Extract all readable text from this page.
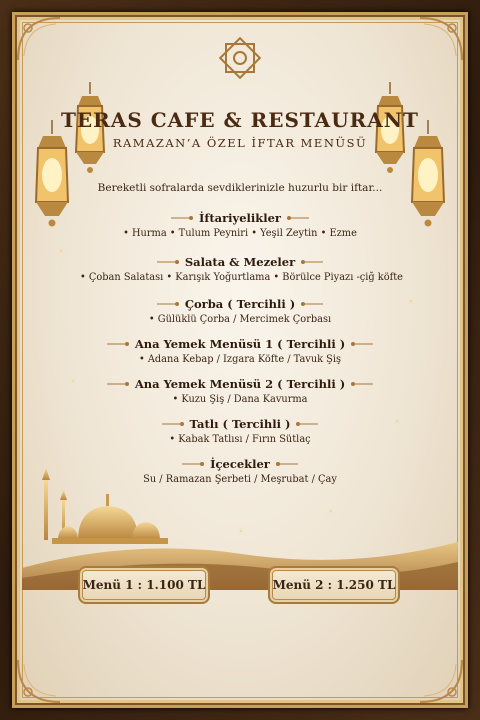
TERAS CAFE & RESTAURANT
RAMAZAN’A ÖZEL İFTAR MENÜSÜ
Bereketli sofralarda sevdiklerinizle huzurlu bir iftar...
İftariyelikler
• Hurma • Tulum Peyniri • Yeşil Zeytin • Ezme
Salata & Mezeler
• Çoban Salatası • Karışık Yoğurtlama • Börülce Piyazı -çiğ köfte
Çorba ( Tercihli )
• Gülüklü Çorba / Mercimek Çorbası
Ana Yemek Menüsü 1 ( Tercihli )
• Adana Kebap / Izgara Köfte / Tavuk Şiş
Ana Yemek Menüsü 2 ( Tercihli )
• Kuzu Şiş / Dana Kavurma
Tatlı ( Tercihli )
• Kabak Tatlısı / Fırın Sütlaç
İçecekler
Su / Ramazan Şerbeti / Meşrubat / Çay
Menü 1 : 1.100 TL	Menü 2 : 1.250 TL
